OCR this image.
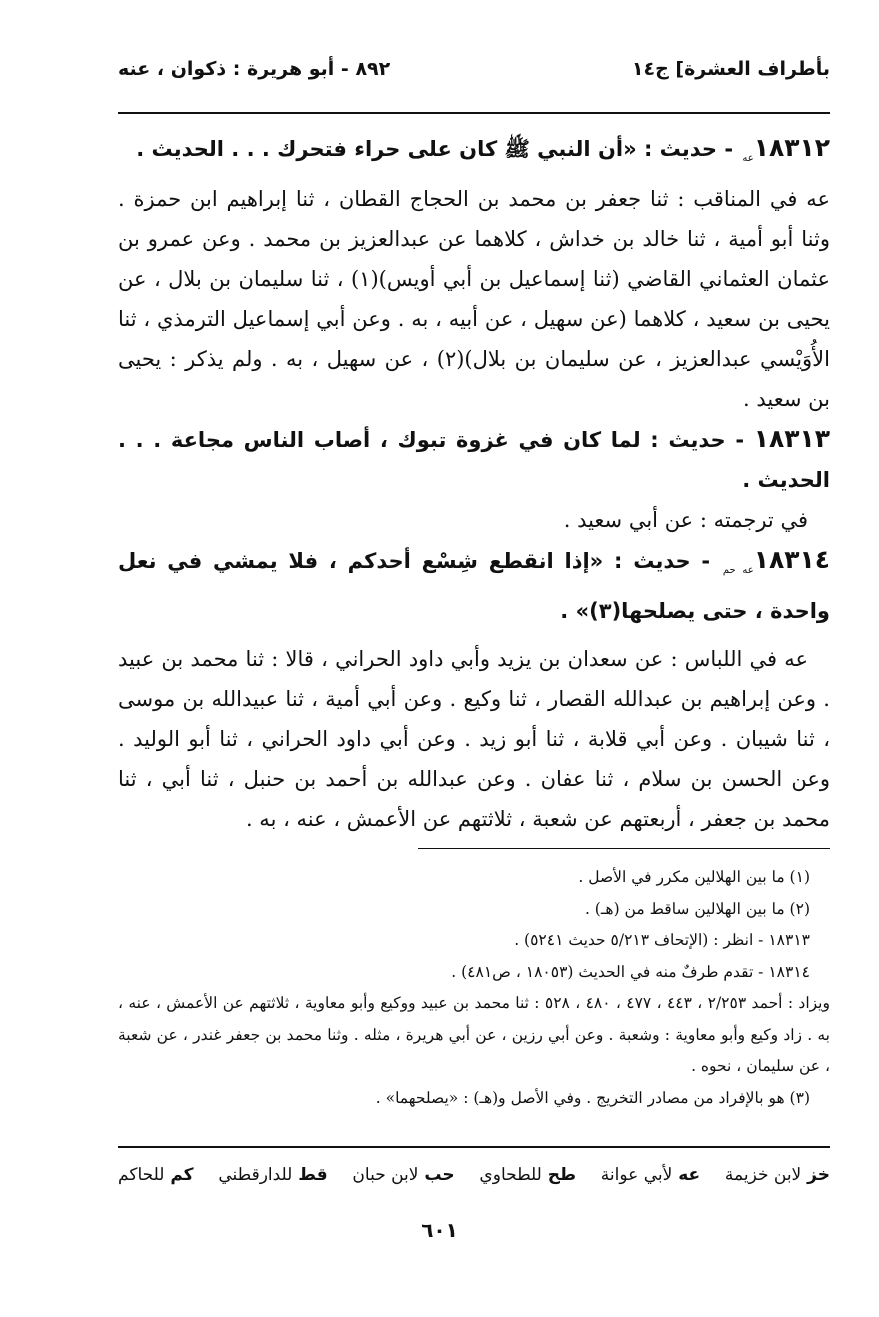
بأطراف العشرة] ج١٤
٨٩٢ - أبو هريرة : ذكوان ، عنه

$١٨٣١٢_{عه}$ - حديث : «أن النبي ﷺ كان على حراء فتحرك . . . الحديث .

عه في المناقب : ثنا جعفر بن محمد بن الحجاج القطان ، ثنا إبراهيم ابن حمزة . وثنا أبو أمية ، ثنا خالد بن خداش ، كلاهما عن عبدالعزيز بن محمد . وعن عمرو بن عثمان العثماني القاضي (ثنا إسماعيل بن أبي أويس)(١) ، ثنا سليمان بن بلال ، عن يحيى بن سعيد ، كلاهما (عن سهيل ، عن أبيه ، به . وعن أبي إسماعيل الترمذي ، ثنا الأُوَيْسي عبدالعزيز ، عن سليمان بن بلال)(٢) ، عن سهيل ، به . ولم يذكر : يحيى بن سعيد .

١٨٣١٣ - حديث : لما كان في غزوة تبوك ، أصاب الناس مجاعة . . . الحديث .

في ترجمته : عن أبي سعيد .

$١٨٣١٤_{عه حم}$ - حديث : «إذا انقطع شِسْع أحدكم ، فلا يمشي في نعل واحدة ، حتى يصلحها(٣)» .

عه في اللباس : عن سعدان بن يزيد وأبي داود الحراني ، قالا : ثنا محمد بن عبيد . وعن إبراهيم بن عبدالله القصار ، ثنا وكيع . وعن أبي أمية ، ثنا عبيدالله بن موسى ، ثنا شيبان . وعن أبي قلابة ، ثنا أبو زيد . وعن أبي داود الحراني ، ثنا أبو الوليد . وعن الحسن بن سلام ، ثنا عفان . وعن عبدالله بن أحمد بن حنبل ، ثنا أبي ، ثنا محمد بن جعفر ، أربعتهم عن شعبة ، ثلاثتهم عن الأعمش ، عنه ، به .

(١) ما بين الهلالين مكرر في الأصل .

(٢) ما بين الهلالين ساقط من (هـ) .

١٨٣١٣ - انظر : (الإتحاف ٥/٢١٣ حديث ٥٢٤١) .

١٨٣١٤ - تقدم طرفٌ منه في الحديث (١٨٠٥٣ ، ص٤٨١) .

ويزاد : أحمد ٢/٢٥٣ ، ٤٤٣ ، ٤٧٧ ، ٤٨٠ ، ٥٢٨ : ثنا محمد بن عبيد ووكيع وأبو معاوية ، ثلاثتهم عن الأعمش ، عنه ، به . زاد وكيع وأبو معاوية : وشعبة . وعن أبي رزين ، عن أبي هريرة ، مثله . وثنا محمد بن جعفر غندر ، عن شعبة ، عن سليمان ، نحوه .

(٣) هو بالإفراد من مصادر التخريج . وفي الأصل و(هـ) : «يصلحهما» .

خز لابن خزيمة
عه لأبي عوانة
طح للطحاوي
حب لابن حبان
قط للدارقطني
كم للحاكم
٦٠١
